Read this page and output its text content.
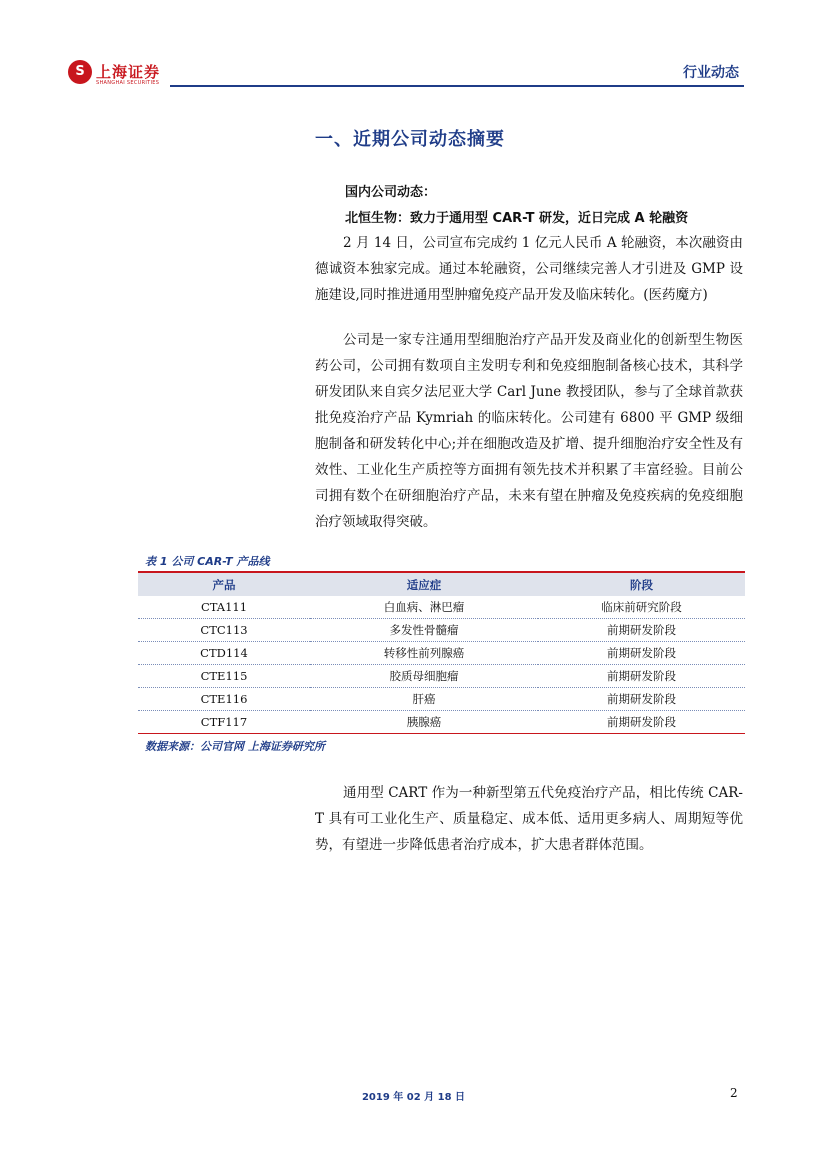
S 上海证券
SHANGHAI SECURITIES
行业动态
一、近期公司动态摘要
国内公司动态：
北恒生物：致力于通用型 CAR-T 研发，近日完成 A 轮融资

2 月 14 日，公司宣布完成约 1 亿元人民币 A 轮融资，本次融资由德诚资本独家完成。通过本轮融资，公司继续完善人才引进及 GMP 设施建设,同时推进通用型肿瘤免疫产品开发及临床转化。(医药魔方)

公司是一家专注通用型细胞治疗产品开发及商业化的创新型生物医药公司，公司拥有数项自主发明专利和免疫细胞制备核心技术，其科学研发团队来自宾夕法尼亚大学 Carl June 教授团队，参与了全球首款获批免疫治疗产品 Kymriah 的临床转化。公司建有 6800 平 GMP 级细胞制备和研发转化中心;并在细胞改造及扩增、提升细胞治疗安全性及有效性、工业化生产质控等方面拥有领先技术并积累了丰富经验。目前公司拥有数个在研细胞治疗产品，未来有望在肿瘤及免疫疾病的免疫细胞治疗领域取得突破。

表 1 公司 CAR-T 产品线
产品	适应症	阶段
CTA111	白血病、淋巴瘤	临床前研究阶段
CTC113	多发性骨髓瘤	前期研发阶段
CTD114	转移性前列腺癌	前期研发阶段
CTE115	胶质母细胞瘤	前期研发阶段
CTE116	肝癌	前期研发阶段
CTF117	胰腺癌	前期研发阶段
数据来源：公司官网 上海证券研究所

通用型 CART 作为一种新型第五代免疫治疗产品，相比传统 CAR-T 具有可工业化生产、质量稳定、成本低、适用更多病人、周期短等优势，有望进一步降低患者治疗成本，扩大患者群体范围。

2019 年 02 月 18 日	2
